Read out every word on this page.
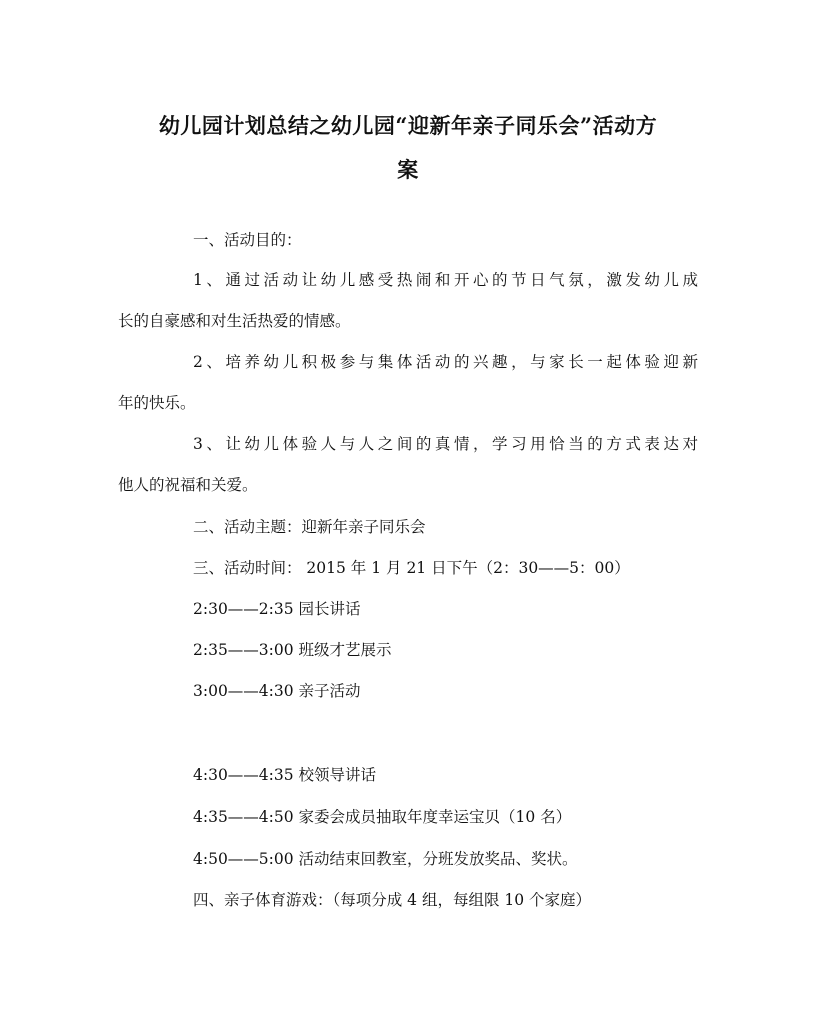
幼儿园计划总结之幼儿园“迎新年亲子同乐会”活动方
案
一、活动目的：
1、通过活动让幼儿感受热闹和开心的节日气氛，激发幼儿成
长的自豪感和对生活热爱的情感。
2、培养幼儿积极参与集体活动的兴趣，与家长一起体验迎新
年的快乐。
3、让幼儿体验人与人之间的真情，学习用恰当的方式表达对
他人的祝福和关爱。
二、活动主题：迎新年亲子同乐会
三、活动时间： 2015 年 1 月 21 日下午（2：30——5：00）
2:30——2:35 园长讲话
2:35——3:00 班级才艺展示
3:00——4:30 亲子活动
4:30——4:35 校领导讲话
4:35——4:50 家委会成员抽取年度幸运宝贝（10 名）
4:50——5:00 活动结束回教室，分班发放奖品、奖状。
四、亲子体育游戏：（每项分成 4 组，每组限 10 个家庭）
